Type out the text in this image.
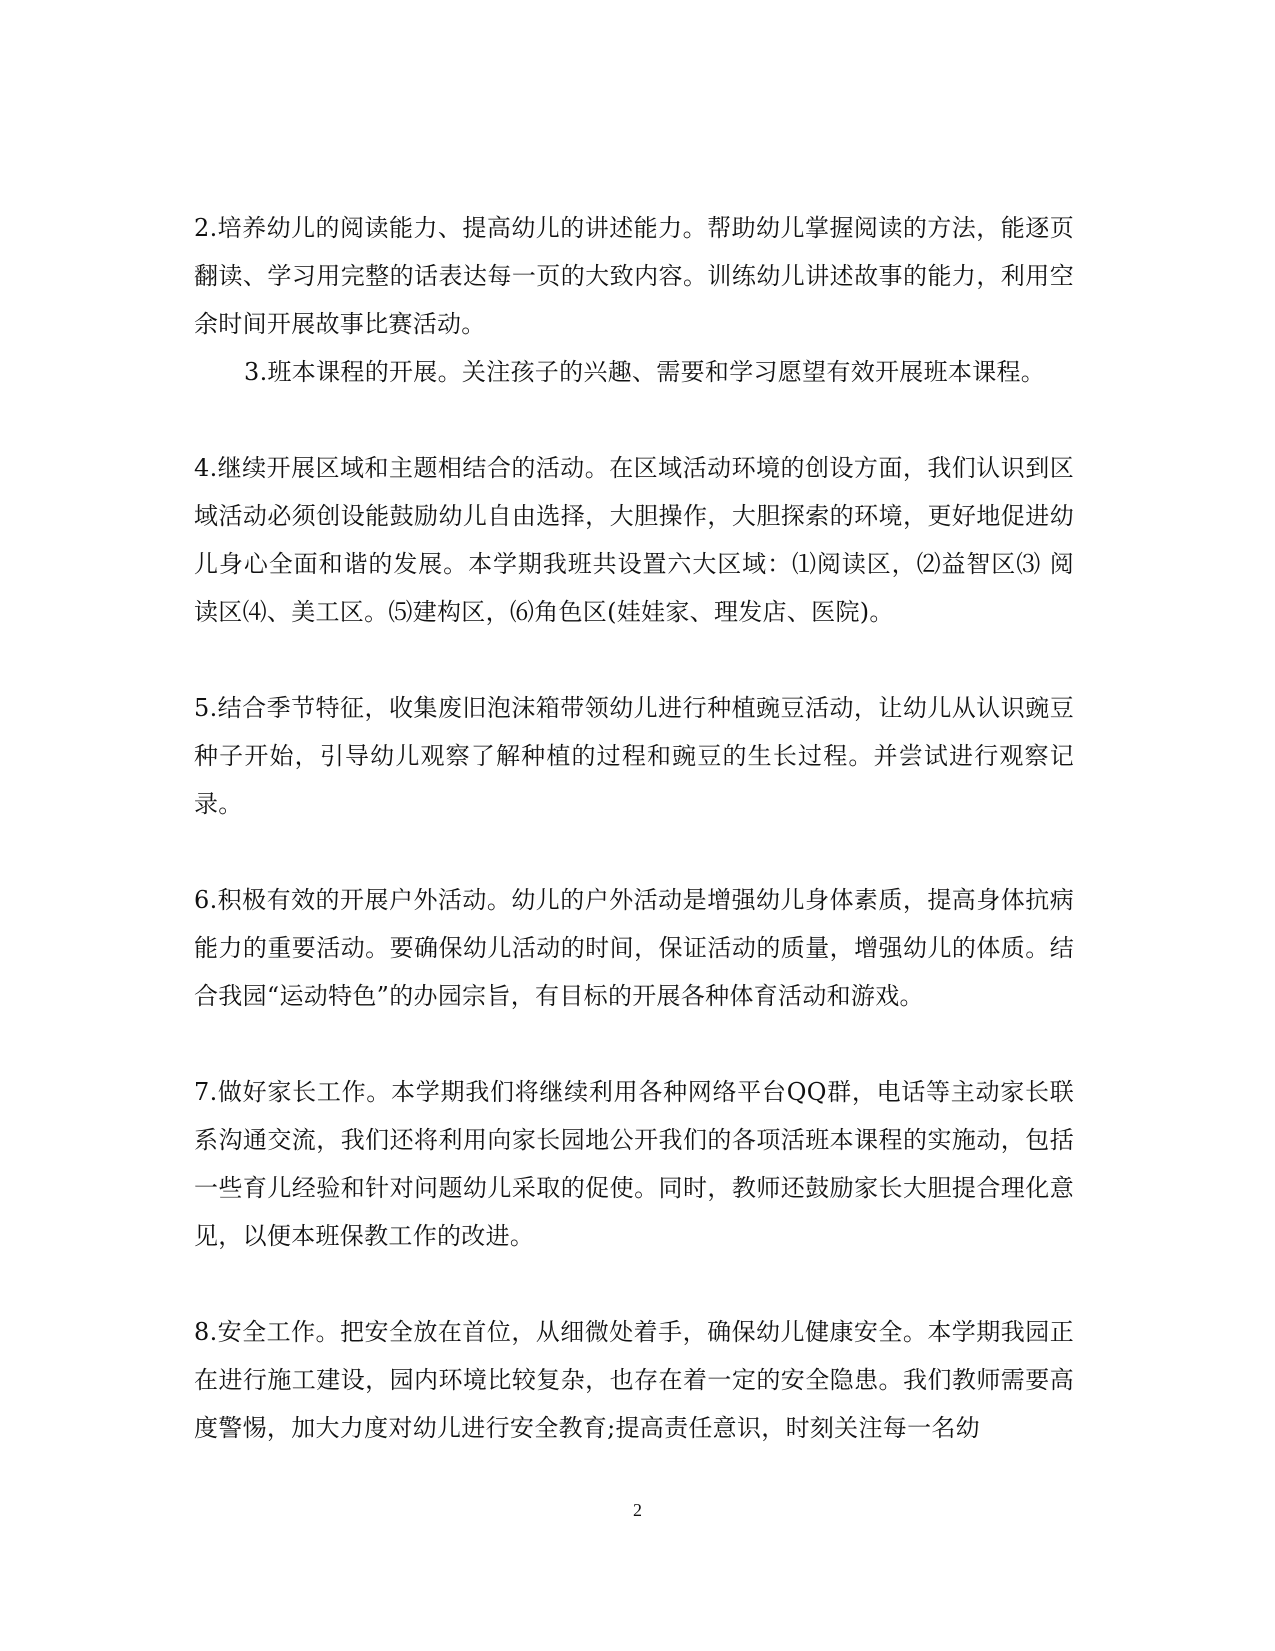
2.培养幼儿的阅读能力、提高幼儿的讲述能力。帮助幼儿掌握阅读的方法，能逐页翻读、学习用完整的话表达每一页的大致内容。训练幼儿讲述故事的能力，利用空余时间开展故事比赛活动。

3.班本课程的开展。关注孩子的兴趣、需要和学习愿望有效开展班本课程。

4.继续开展区域和主题相结合的活动。在区域活动环境的创设方面，我们认识到区域活动必须创设能鼓励幼儿自由选择，大胆操作，大胆探索的环境，更好地促进幼儿身心全面和谐的发展。本学期我班共设置六大区域：⑴阅读区，⑵益智区⑶ 阅读区⑷、美工区。⑸建构区，⑹角色区(娃娃家、理发店、医院)。

5.结合季节特征，收集废旧泡沫箱带领幼儿进行种植豌豆活动，让幼儿从认识豌豆种子开始，引导幼儿观察了解种植的过程和豌豆的生长过程。并尝试进行观察记录。

6.积极有效的开展户外活动。幼儿的户外活动是增强幼儿身体素质，提高身体抗病能力的重要活动。要确保幼儿活动的时间，保证活动的质量，增强幼儿的体质。结合我园“运动特色”的办园宗旨，有目标的开展各种体育活动和游戏。

7.做好家长工作。本学期我们将继续利用各种网络平台QQ群，电话等主动家长联系沟通交流，我们还将利用向家长园地公开我们的各项活班本课程的实施动，包括一些育儿经验和针对问题幼儿采取的促使。同时，教师还鼓励家长大胆提合理化意见，以便本班保教工作的改进。

8.安全工作。把安全放在首位，从细微处着手，确保幼儿健康安全。本学期我园正在进行施工建设，园内环境比较复杂，也存在着一定的安全隐患。我们教师需要高度警惕，加大力度对幼儿进行安全教育;提高责任意识，时刻关注每一名幼

2
